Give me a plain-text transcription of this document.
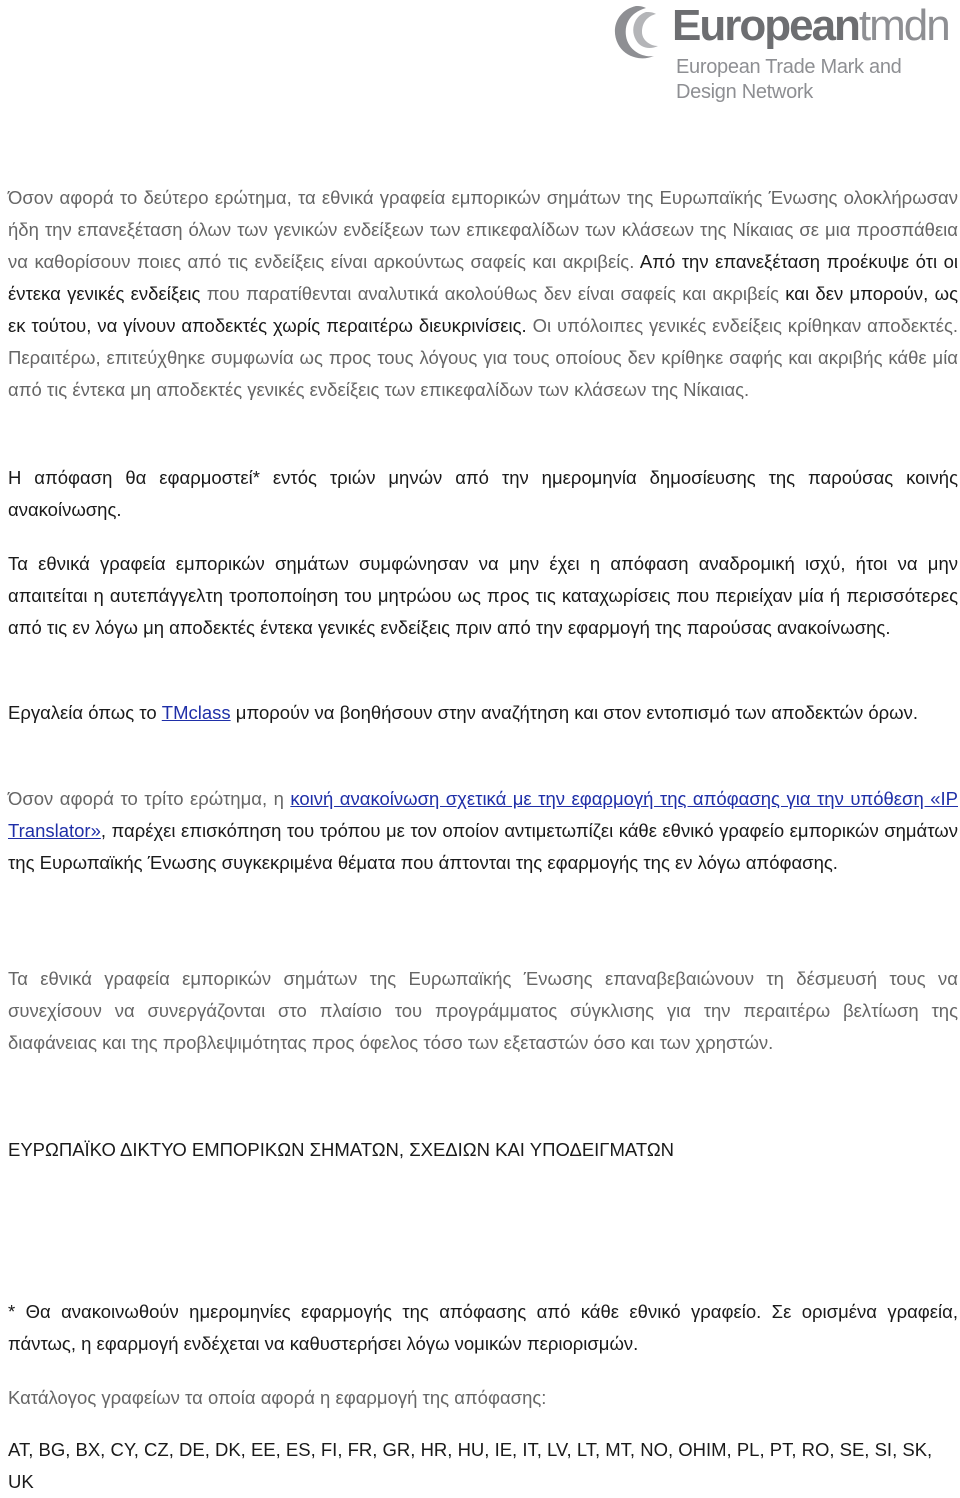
Europeantmdn
European Trade Mark and
Design Network

Όσον αφορά το δεύτερο ερώτημα, τα εθνικά γραφεία εμπορικών σημάτων της Ευρωπαϊκής Ένωσης ολοκλήρωσαν ήδη την επανεξέταση όλων των γενικών ενδείξεων των επικεφαλίδων των κλάσεων της Νίκαιας σε μια προσπάθεια να καθορίσουν ποιες από τις ενδείξεις είναι αρκούντως σαφείς και ακριβείς. Από την επανεξέταση προέκυψε ότι οι έντεκα γενικές ενδείξεις που παρατίθενται αναλυτικά ακολούθως δεν είναι σαφείς και ακριβείς και δεν μπορούν, ως εκ τούτου, να γίνουν αποδεκτές χωρίς περαιτέρω διευκρινίσεις. Οι υπόλοιπες γενικές ενδείξεις κρίθηκαν αποδεκτές. Περαιτέρω, επιτεύχθηκε συμφωνία ως προς τους λόγους για τους οποίους δεν κρίθηκε σαφής και ακριβής κάθε μία από τις έντεκα μη αποδεκτές γενικές ενδείξεις των επικεφαλίδων των κλάσεων της Νίκαιας.

Η απόφαση θα εφαρμοστεί* εντός τριών μηνών από την ημερομηνία δημοσίευσης της παρούσας κοινής ανακοίνωσης.

Τα εθνικά γραφεία εμπορικών σημάτων συμφώνησαν να μην έχει η απόφαση αναδρομική ισχύ, ήτοι να μην απαιτείται η αυτεπάγγελτη τροποποίηση του μητρώου ως προς τις καταχωρίσεις που περιείχαν μία ή περισσότερες από τις εν λόγω μη αποδεκτές έντεκα γενικές ενδείξεις πριν από την εφαρμογή της παρούσας ανακοίνωσης.

Εργαλεία όπως το TMclass μπορούν να βοηθήσουν στην αναζήτηση και στον εντοπισμό των αποδεκτών όρων.

Όσον αφορά το τρίτο ερώτημα, η κοινή ανακοίνωση σχετικά με την εφαρμογή της απόφασης για την υπόθεση «IP Translator», παρέχει επισκόπηση του τρόπου με τον οποίον αντιμετωπίζει κάθε εθνικό γραφείο εμπορικών σημάτων της Ευρωπαϊκής Ένωσης συγκεκριμένα θέματα που άπτονται της εφαρμογής της εν λόγω απόφασης.

Τα εθνικά γραφεία εμπορικών σημάτων της Ευρωπαϊκής Ένωσης επαναβεβαιώνουν τη δέσμευσή τους να συνεχίσουν να συνεργάζονται στο πλαίσιο του προγράμματος σύγκλισης για την περαιτέρω βελτίωση της διαφάνειας και της προβλεψιμότητας προς όφελος τόσο των εξεταστών όσο και των χρηστών.

ΕΥΡΩΠΑΪΚΟ ΔΙΚΤΥΟ ΕΜΠΟΡΙΚΩΝ ΣΗΜΑΤΩΝ, ΣΧΕΔΙΩΝ ΚΑΙ ΥΠΟΔΕΙΓΜΑΤΩΝ

* Θα ανακοινωθούν ημερομηνίες εφαρμογής της απόφασης από κάθε εθνικό γραφείο. Σε ορισμένα γραφεία, πάντως, η εφαρμογή ενδέχεται να καθυστερήσει λόγω νομικών περιορισμών.

Κατάλογος γραφείων τα οποία αφορά η εφαρμογή της απόφασης:

AT, BG, BX, CY, CZ, DE, DK, EE, ES, FI, FR, GR, HR, HU, IE, IT, LV, LT, MT, NO, OHIM, PL, PT, RO, SE, SI, SK, UK
